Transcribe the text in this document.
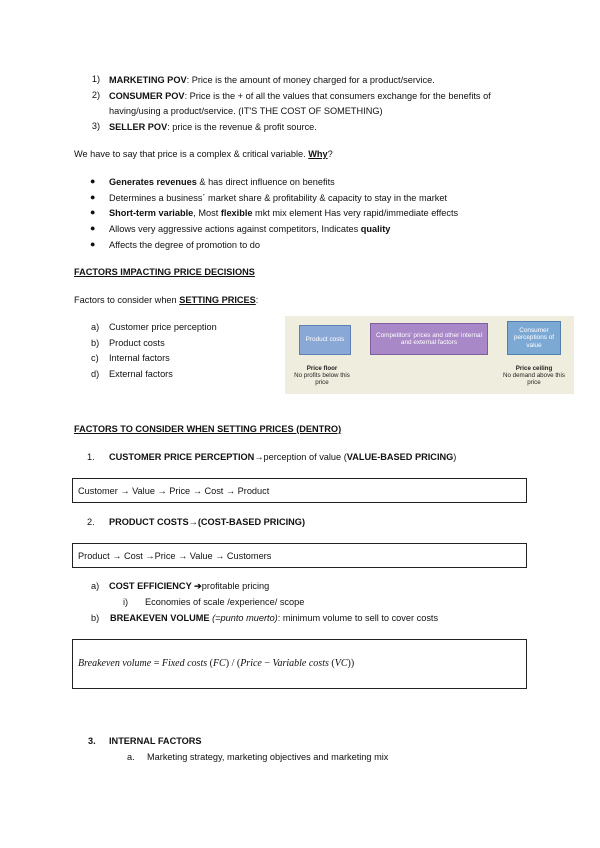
1) MARKETING POV: Price is the amount of money charged for a product/service.
2) CONSUMER POV: Price is the + of all the values that consumers exchange for the benefits of
having/using a product/service. (IT'S THE COST OF SOMETHING)
3) SELLER POV: price is the revenue & profit source.
We have to say that price is a complex & critical variable. Why?
● Generates revenues & has direct influence on benefits
● Determines a business´ market share & profitability & capacity to stay in the market
● Short-term variable, Most flexible mkt mix element Has very rapid/immediate effects
● Allows very aggressive actions against competitors, Indicates quality
● Affects the degree of promotion to do
FACTORS IMPACTING PRICE DECISIONS
Factors to consider when SETTING PRICES:
a) Customer price perception
b) Product costs
c) Internal factors
d) External factors
Product costs
Competitors' prices and other internal and external factors
Consumer perceptions of value
Price floor
No profits below this price
Price ceiling
No demand above this price
FACTORS TO CONSIDER WHEN SETTING PRICES (DENTRO)
1. CUSTOMER PRICE PERCEPTION→perception of value (VALUE-BASED PRICING)
Customer → Value → Price → Cost → Product
2. PRODUCT COSTS→(COST-BASED PRICING)
Product → Cost →Price → Value → Customers
a) COST EFFICIENCY ➔profitable pricing
i) Economies of scale /experience/ scope
b) BREAKEVEN VOLUME (=punto muerto): minimum volume to sell to cover costs
Breakeven volume = Fixed costs (FC) / (Price − Variable costs (VC))
3. INTERNAL FACTORS
a. Marketing strategy, marketing objectives and marketing mix
